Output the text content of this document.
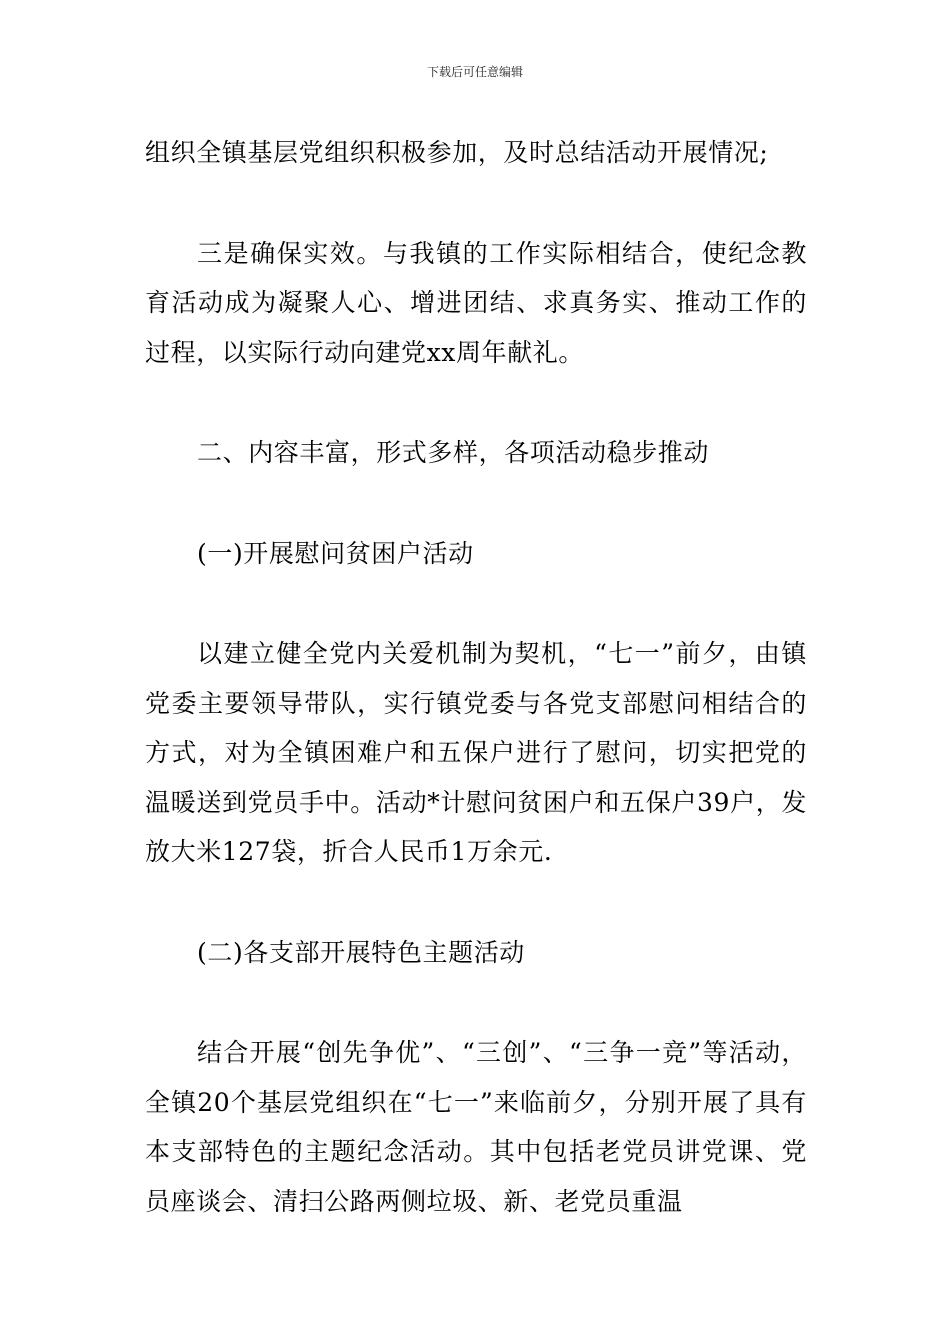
下载后可任意编辑

组织全镇基层党组织积极参加，及时总结活动开展情况;

三是确保实效。与我镇的工作实际相结合，使纪念教育活动成为凝聚人心、增进团结、求真务实、推动工作的过程，以实际行动向建党xx周年献礼。

二、内容丰富，形式多样，各项活动稳步推动

(一)开展慰问贫困户活动

以建立健全党内关爱机制为契机，“七一”前夕，由镇党委主要领导带队，实行镇党委与各党支部慰问相结合的方式，对为全镇困难户和五保户进行了慰问，切实把党的温暖送到党员手中。活动*计慰问贫困户和五保户39户，发放大米127袋，折合人民币1万余元.

(二)各支部开展特色主题活动

结合开展“创先争优”、“三创”、“三争一竞”等活动，全镇20个基层党组织在“七一”来临前夕，分别开展了具有本支部特色的主题纪念活动。其中包括老党员讲党课、党员座谈会、清扫公路两侧垃圾、新、老党员重温
